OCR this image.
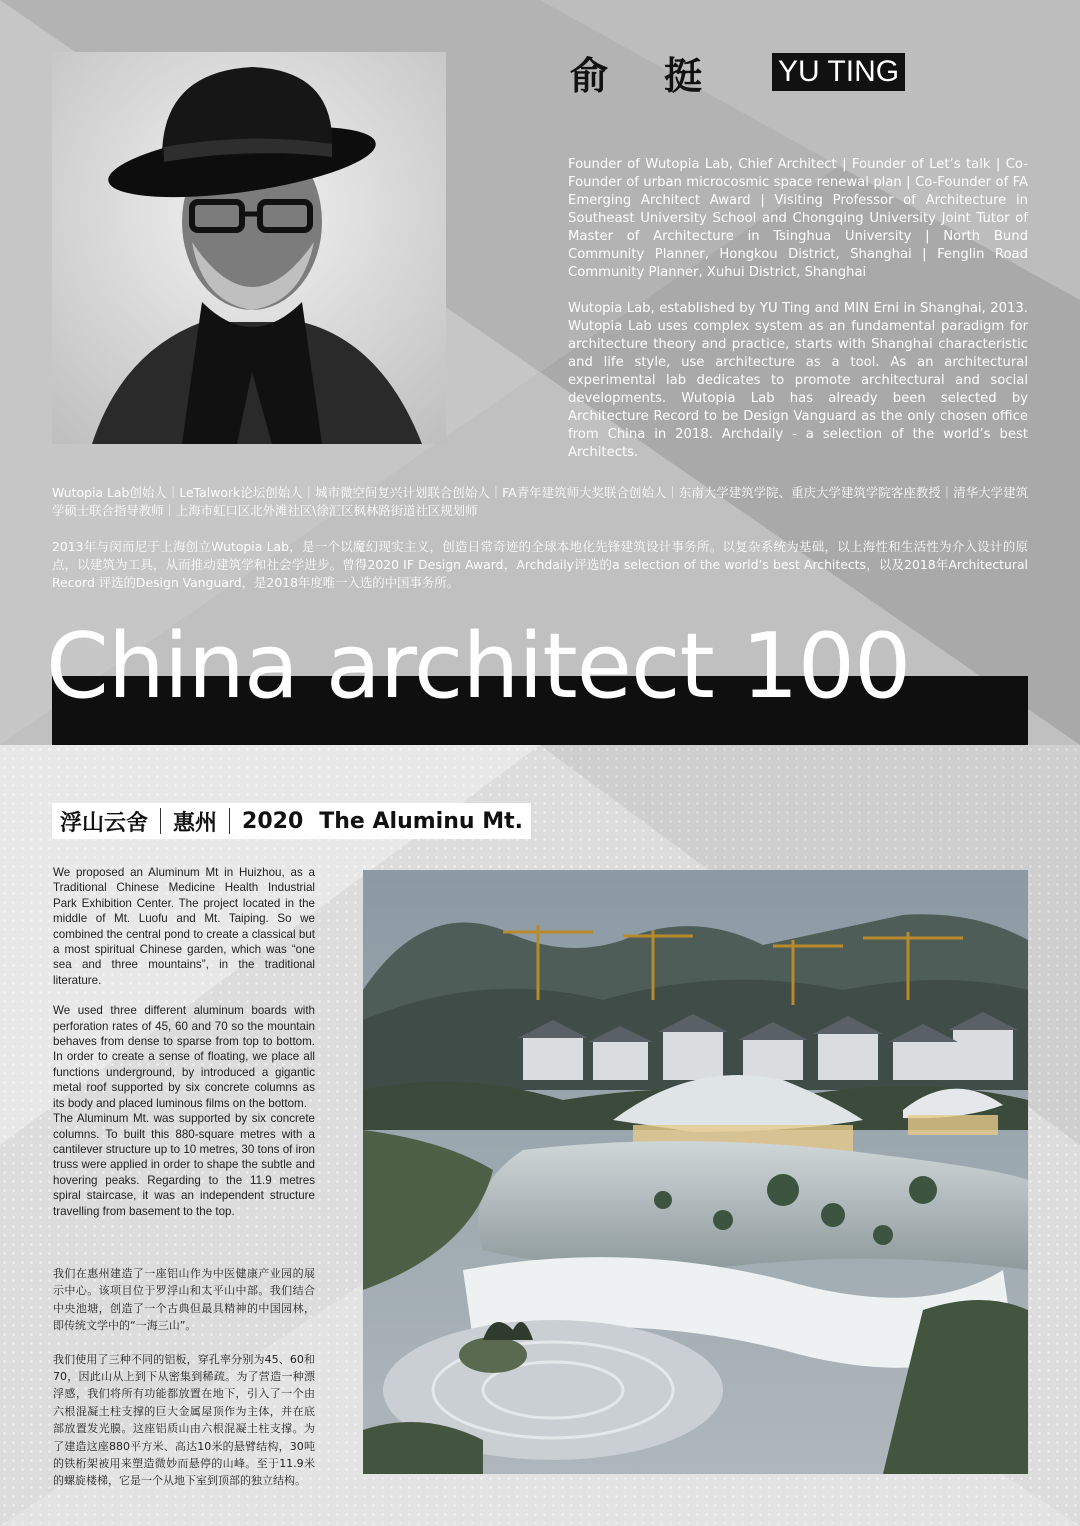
俞挺 YU TING

Founder of Wutopia Lab, Chief Architect | Founder of Let’s talk | Co-Founder of urban microcosmic space renewal plan | Co-Founder of FA Emerging Architect Award | Visiting Professor of Architecture in Southeast University School and Chongqing University Joint Tutor of Master of Architecture in Tsinghua University | North Bund Community Planner, Hongkou District, Shanghai | Fenglin Road Community Planner, Xuhui District, Shanghai

Wutopia Lab, established by YU Ting and MIN Erni in Shanghai, 2013. Wutopia Lab uses complex system as an fundamental paradigm for architecture theory and practice, starts with Shanghai characteristic and life style, use architecture as a tool. As an architectural experimental lab dedicates to promote architectural and social developments. Wutopia Lab has already been selected by Architecture Record to be Design Vanguard as the only chosen office from China in 2018. Archdaily - a selection of the world’s best Architects.

Wutopia Lab创始人｜LeTalwork论坛创始人｜城市微空间复兴计划联合创始人｜FA青年建筑师大奖联合创始人｜东南大学建筑学院、重庆大学建筑学院客座教授｜清华大学建筑学硕士联合指导教师｜上海市虹口区北外滩社区\徐汇区枫林路街道社区规划师

2013年与闵而尼于上海创立Wutopia Lab，是一个以魔幻现实主义，创造日常奇迹的全球本地化先锋建筑设计事务所。以复杂系统为基础，以上海性和生活性为介入设计的原点，以建筑为工具，从而推动建筑学和社会学进步。曾得2020 IF Design Award，Archdaily评选的a selection of the world’s best Architects，以及2018年Architectural Record 评选的Design Vanguard，是2018年度唯一入选的中国事务所。

China architect 100
浮山云舍 惠州 2020 The Aluminu Mt.

We proposed an Aluminum Mt in Huizhou, as a Traditional Chinese Medicine Health Industrial Park Exhibition Center. The project located in the middle of Mt. Luofu and Mt. Taiping. So we combined the central pond to create a classical but a most spiritual Chinese garden, which was “one sea and three mountains”, in the traditional literature.

We used three different aluminum boards with perforation rates of 45, 60 and 70 so the mountain behaves from dense to sparse from top to bottom. In order to create a sense of floating, we place all functions underground, by introduced a gigantic metal roof supported by six concrete columns as its body and placed luminous films on the bottom.

The Aluminum Mt. was supported by six concrete columns. To built this 880-square metres with a cantilever structure up to 10 metres, 30 tons of iron truss were applied in order to shape the subtle and hovering peaks. Regarding to the 11.9 metres spiral staircase, it was an independent structure travelling from basement to the top.

我们在惠州建造了一座铝山作为中医健康产业园的展示中心。该项目位于罗浮山和太平山中部。我们结合中央池塘，创造了一个古典但最具精神的中国园林，即传统文学中的“一海三山”。

我们使用了三种不同的铝板，穿孔率分别为45、60和70，因此山从上到下从密集到稀疏。为了营造一种漂浮感，我们将所有功能都放置在地下，引入了一个由六根混凝土柱支撑的巨大金属屋顶作为主体，并在底部放置发光膜。这座铝质山由六根混凝土柱支撑。为了建造这座880平方米、高达10米的悬臂结构，30吨的铁桁架被用来塑造微妙而悬停的山峰。至于11.9米的螺旋楼梯，它是一个从地下室到顶部的独立结构。
